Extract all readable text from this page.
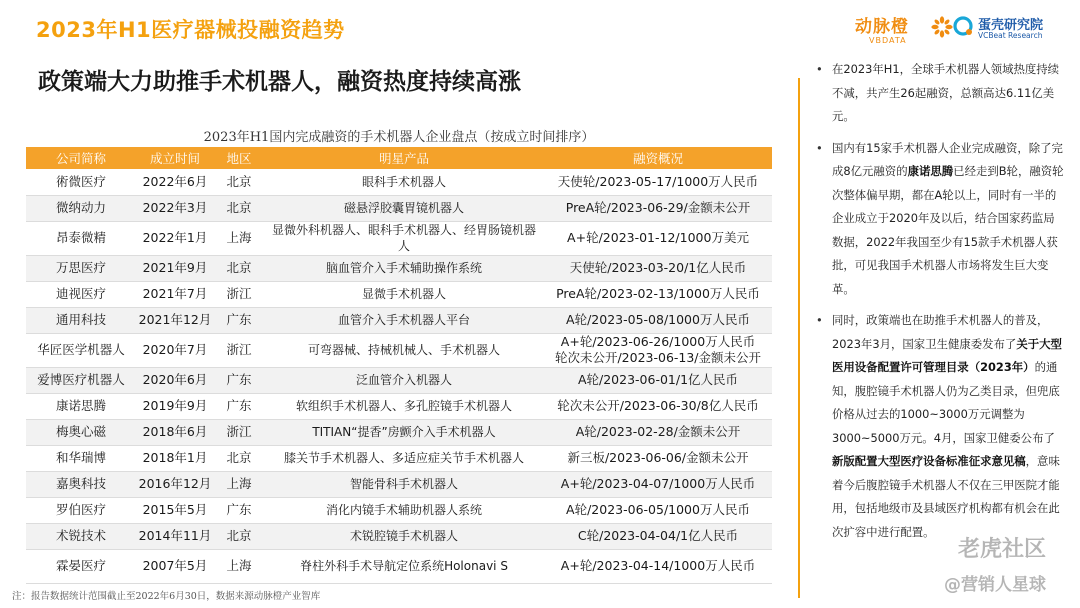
2023年H1医疗器械投融资趋势	动脉橙
VBDATA
蛋壳研究院
VCBeat Research
政策端大力助推手术机器人，融资热度持续高涨
2023年H1国内完成融资的手术机器人企业盘点（按成立时间排序）
公司简称	成立时间	地区	明星产品	融资概况
術微医疗	2022年6月	北京	眼科手术机器人	天使轮/2023-05-17/1000万人民币
微纳动力	2022年3月	北京	磁悬浮胶囊胃镜机器人	PreA轮/2023-06-29/金额未公开
昂泰微精	2022年1月	上海	显微外科机器人、眼科手术机器人、经胃肠镜机器人	A+轮/2023-01-12/1000万美元
万思医疗	2021年9月	北京	脑血管介入手术辅助操作系统	天使轮/2023-03-20/1亿人民币
迪视医疗	2021年7月	浙江	显微手术机器人	PreA轮/2023-02-13/1000万人民币
通用科技	2021年12月	广东	血管介入手术机器人平台	A轮/2023-05-08/1000万人民币
华匠医学机器人	2020年7月	浙江	可弯器械、持械机械人、手术机器人	A+轮/2023-06-26/1000万人民币
轮次未公开/2023-06-13/金额未公开

爱博医疗机器人	2020年6月	广东	泛血管介入机器人	A轮/2023-06-01/1亿人民币
康诺思腾	2019年9月	广东	软组织手术机器人、多孔腔镜手术机器人	轮次未公开/2023-06-30/8亿人民币
梅奥心磁	2018年6月	浙江	TITIAN“提香”房颤介入手术机器人	A轮/2023-02-28/金额未公开
和华瑞博	2018年1月	北京	膝关节手术机器人、多适应症关节手术机器人	新三板/2023-06-06/金额未公开
嘉奥科技	2016年12月	上海	智能骨科手术机器人	A+轮/2023-04-07/1000万人民币
罗伯医疗	2015年5月	广东	消化内镜手术辅助机器人系统	A轮/2023-06-05/1000万人民币
术锐技术	2014年11月	北京	术锐腔镜手术机器人	C轮/2023-04-04/1亿人民币
霖晏医疗	2007年5月	上海	脊柱外科手术导航定位系统Holonavi S	A+轮/2023-04-14/1000万人民币
注：报告数据统计范围截止至2022年6月30日，数据来源动脉橙产业智库

• 在2023年H1，全球手术机器人领域热度持续不减，共产生26起融资，总额高达6.11亿美元。

• 国内有15家手术机器人企业完成融资，除了完成8亿元融资的康诺思腾已经走到B轮，融资轮次整体偏早期，都在A轮以上，同时有一半的企业成立于2020年及以后，结合国家药监局数据，2022年我国至少有15款手术机器人获批，可见我国手术机器人市场将发生巨大变革。

• 同时，政策端也在助推手术机器人的普及，2023年3月，国家卫生健康委发布了关于大型医用设备配置许可管理目录（2023年）的通知，腹腔镜手术机器人仍为乙类目录，但兜底价格从过去的1000~3000万元调整为3000~5000万元。4月，国家卫健委公布了新版配置大型医疗设备标准征求意见稿，意味着今后腹腔镜手术机器人不仅在三甲医院才能用，包括地级市及县域医疗机构都有机会在此次扩容中进行配置。

老虎社区
@营销人星球
